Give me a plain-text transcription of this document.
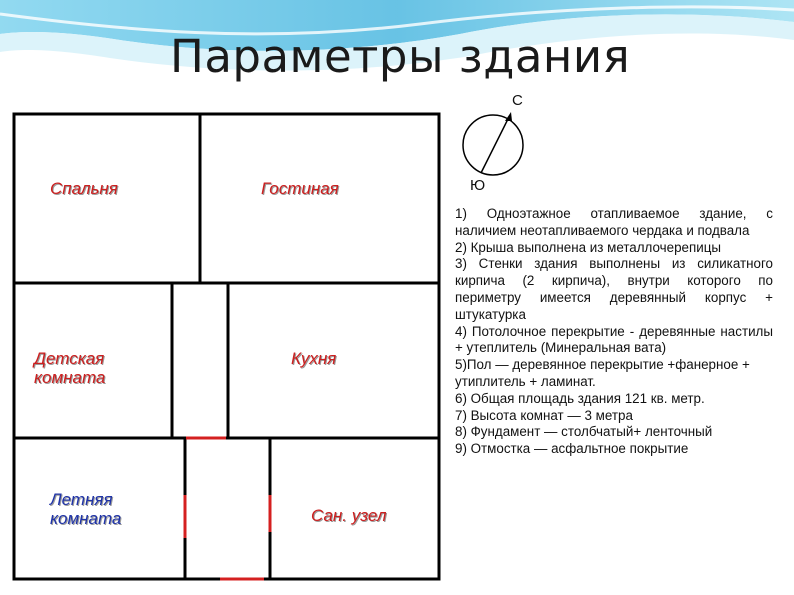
Параметры здания
С
Ю
Спальня	Гостиная
Детская
комната
Кухня
Летняя
комната	Сан. узел
1) Одноэтажное отапливаемое здание, с наличием неотапливаемого чердака и подвала
2) Крыша выполнена из металлочерепицы
3) Стенки здания выполнены из силикатного кирпича (2 кирпича), внутри которого по периметру имеется деревянный корпус + штукатурка
4) Потолочное перекрытие - деревянные настилы + утеплитель (Минеральная вата)
5)Пол — деревянное перекрытие +фанерное + утиплитель + ламинат.
6) Общая площадь здания 121 кв. метр.
7) Высота комнат — 3 метра
8) Фундамент — столбчатый+ ленточный
9) Отмостка — асфальтное покрытие
